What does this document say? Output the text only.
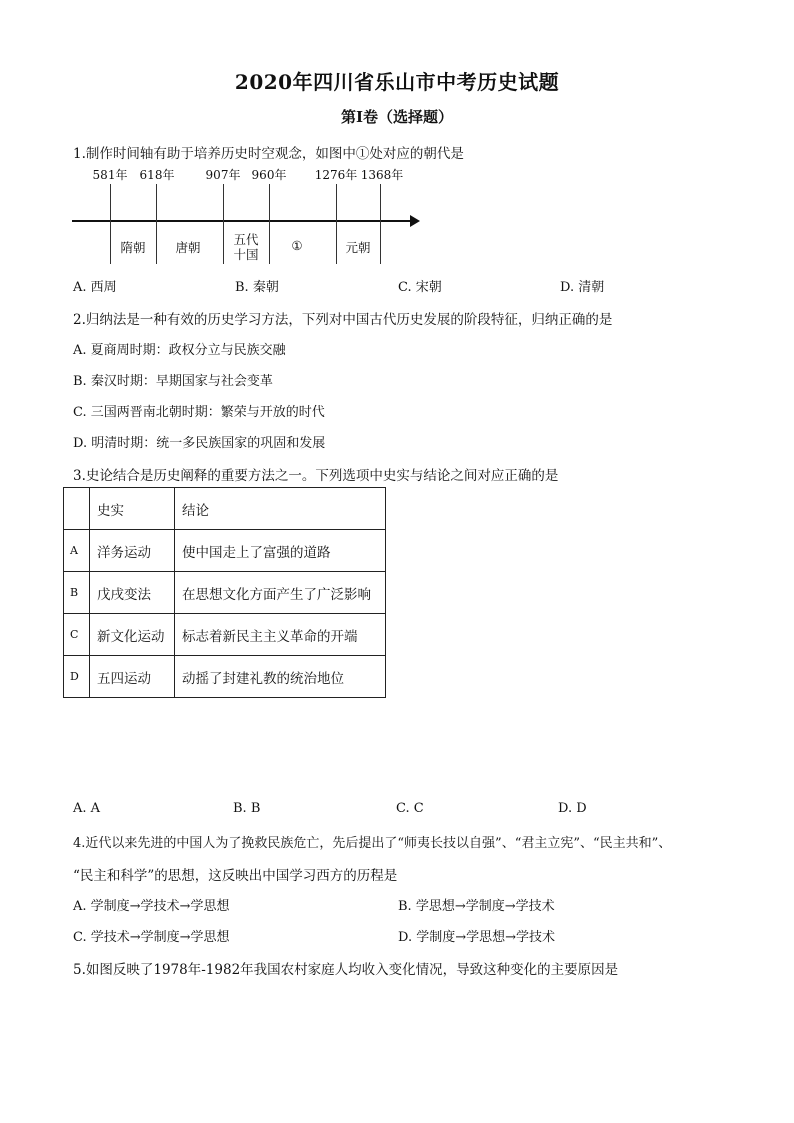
2020年四川省乐山市中考历史试题
第Ⅰ卷（选择题）
1.制作时间轴有助于培养历史时空观念，如图中①处对应的朝代是
581年 618年	907年 960年 1276年 1368年
隋朝 唐朝
五代
十国
①	元朝
A. 西周	B. 秦朝	C. 宋朝	D. 清朝
2.归纳法是一种有效的历史学习方法，下列对中国古代历史发展的阶段特征，归纳正确的是
A. 夏商周时期：政权分立与民族交融
B. 秦汉时期：早期国家与社会变革
C. 三国两晋南北朝时期：繁荣与开放的时代
D. 明清时期：统一多民族国家的巩固和发展
3.史论结合是历史阐释的重要方法之一。下列选项中史实与结论之间对应正确的是
	史实	结论
A	洋务运动	使中国走上了富强的道路
B	戊戌变法	在思想文化方面产生了广泛影响
C	新文化运动	标志着新民主主义革命的开端
D	五四运动	动摇了封建礼教的统治地位
A. A	B. B	C. C	D. D
4.近代以来先进的中国人为了挽救民族危亡，先后提出了“师夷长技以自强”、“君主立宪”、“民主共和”、
“民主和科学”的思想，这反映出中国学习西方的历程是
A. 学制度→学技术→学思想	B. 学思想→学制度→学技术
C. 学技术→学制度→学思想	D. 学制度→学思想→学技术
5.如图反映了1978年-1982年我国农村家庭人均收入变化情况，导致这种变化的主要原因是
